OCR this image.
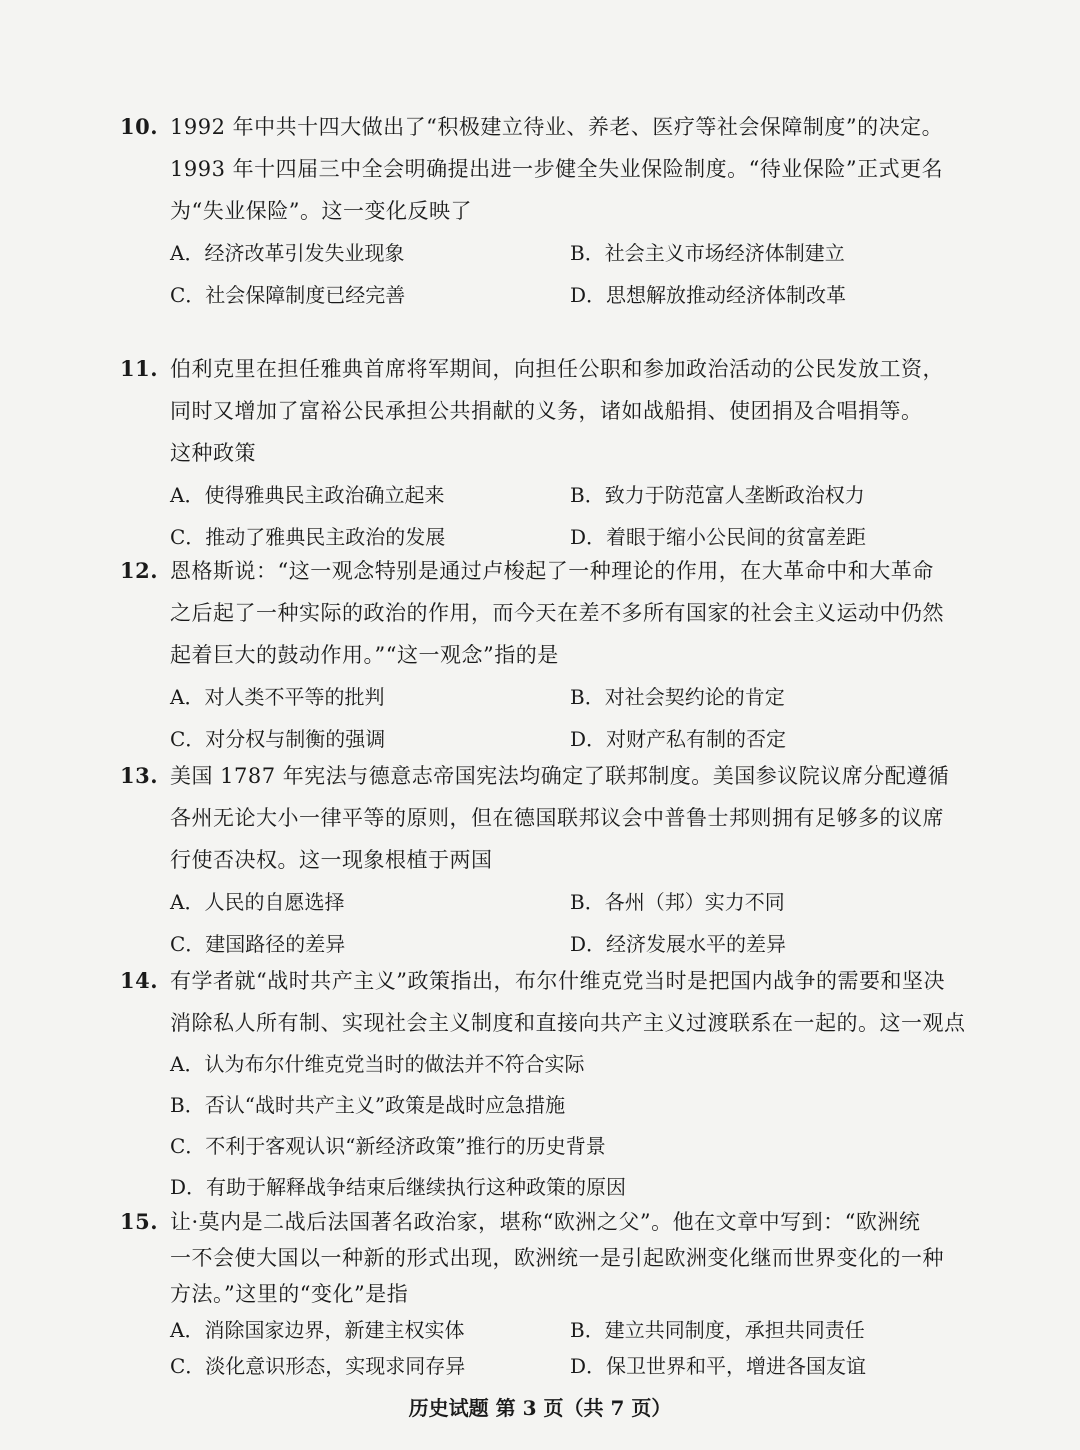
10. 1992 年中共十四大做出了“积极建立待业、养老、医疗等社会保障制度”的决定。
1993 年十四届三中全会明确提出进一步健全失业保险制度。“待业保险”正式更名
为“失业保险”。这一变化反映了
A．经济改革引发失业现象	B．社会主义市场经济体制建立
C．社会保障制度已经完善	D．思想解放推动经济体制改革
11. 伯利克里在担任雅典首席将军期间，向担任公职和参加政治活动的公民发放工资，
同时又增加了富裕公民承担公共捐献的义务，诸如战船捐、使团捐及合唱捐等。
这种政策
A．使得雅典民主政治确立起来	B．致力于防范富人垄断政治权力
C．推动了雅典民主政治的发展	D．着眼于缩小公民间的贫富差距
12. 恩格斯说：“这一观念特别是通过卢梭起了一种理论的作用，在大革命中和大革命
之后起了一种实际的政治的作用，而今天在差不多所有国家的社会主义运动中仍然
起着巨大的鼓动作用。”“这一观念”指的是
A．对人类不平等的批判	B．对社会契约论的肯定
C．对分权与制衡的强调	D．对财产私有制的否定
13. 美国 1787 年宪法与德意志帝国宪法均确定了联邦制度。美国参议院议席分配遵循
各州无论大小一律平等的原则，但在德国联邦议会中普鲁士邦则拥有足够多的议席
行使否决权。这一现象根植于两国
A．人民的自愿选择	B．各州（邦）实力不同
C．建国路径的差异	D．经济发展水平的差异
14. 有学者就“战时共产主义”政策指出，布尔什维克党当时是把国内战争的需要和坚决
消除私人所有制、实现社会主义制度和直接向共产主义过渡联系在一起的。这一观点
A．认为布尔什维克党当时的做法并不符合实际
B．否认“战时共产主义”政策是战时应急措施
C．不利于客观认识“新经济政策”推行的历史背景
D．有助于解释战争结束后继续执行这种政策的原因
15. 让·莫内是二战后法国著名政治家，堪称“欧洲之父”。他在文章中写到：“欧洲统
一不会使大国以一种新的形式出现，欧洲统一是引起欧洲变化继而世界变化的一种
方法。”这里的“变化”是指
A．消除国家边界，新建主权实体	B．建立共同制度，承担共同责任
C．淡化意识形态，实现求同存异	D．保卫世界和平，增进各国友谊
历史试题 第 3 页（共 7 页）
